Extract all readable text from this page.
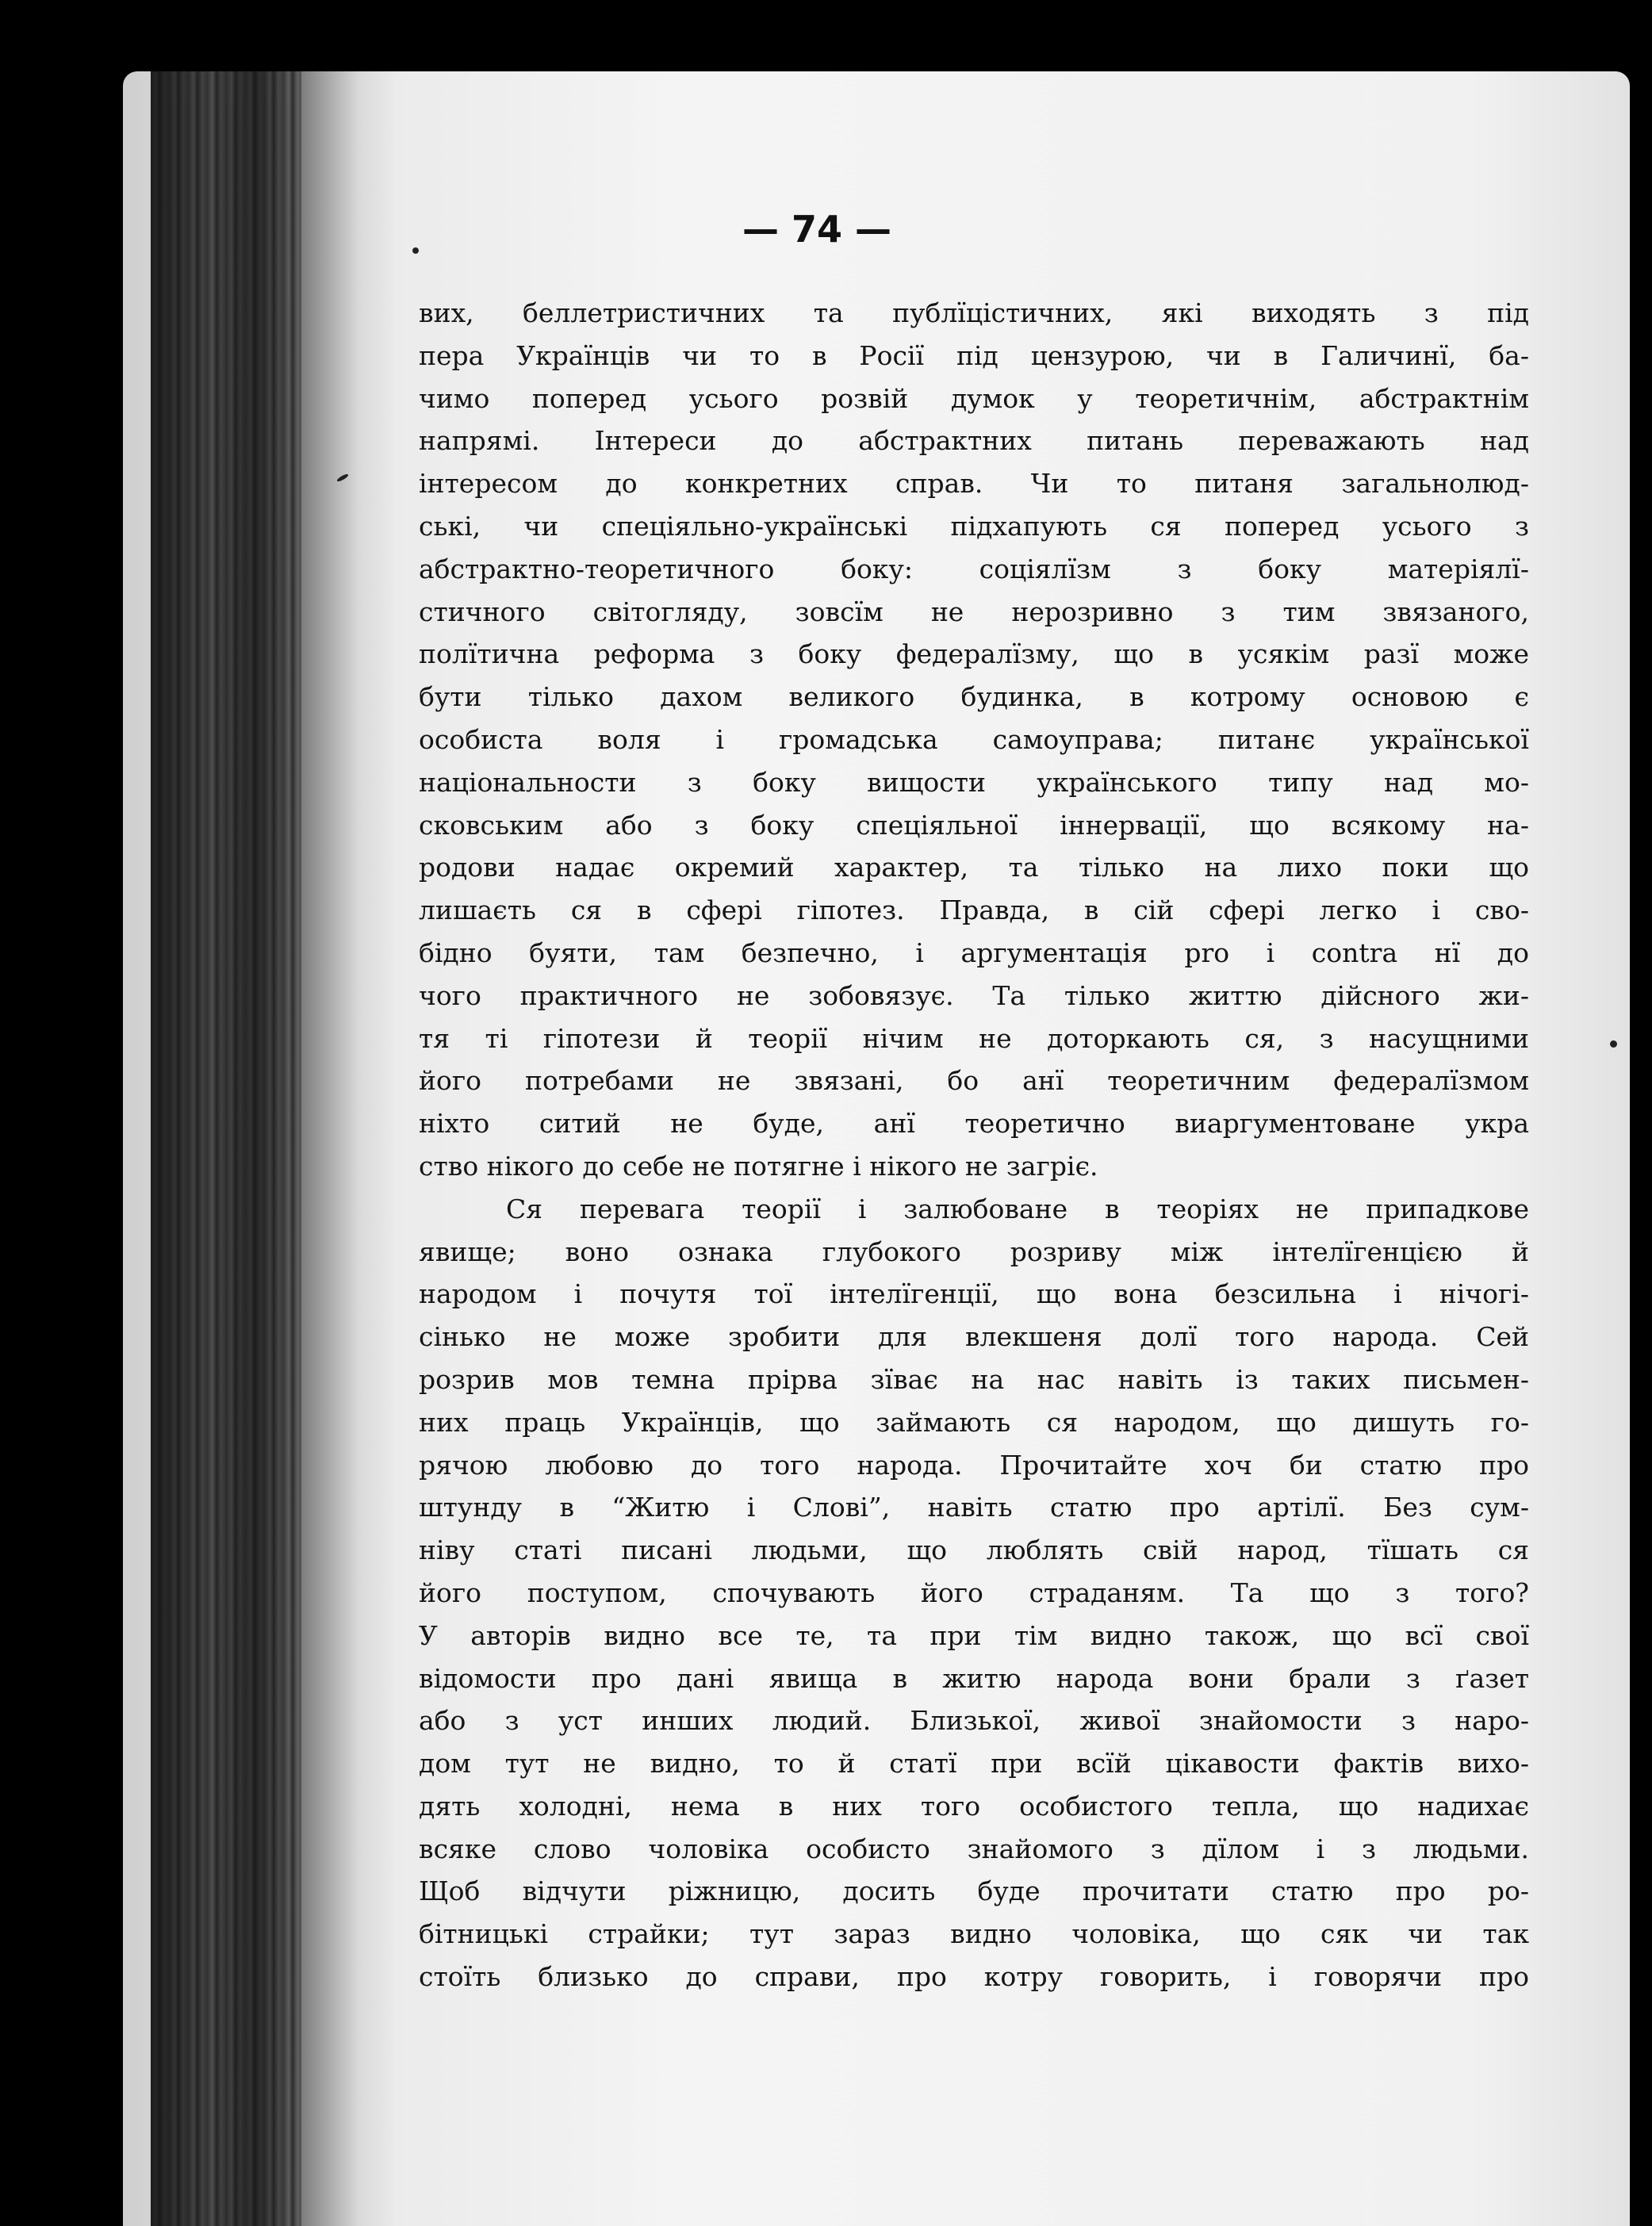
— 74 —
вих, беллетристичних та публїцістичних, які виходять з під
пера Українців чи то в Росії під цензурою, чи в Галичинї, ба-
чимо поперед усього розвій думок у теоретичнім, абстрактнім
напрямі. Інтереси до абстрактних питань переважають над
інтересом до конкретних справ. Чи то питаня загальнолюд-
ські, чи спеціяльно-українські підхапують ся поперед усього з
абстрактно-теоретичного боку: соціялїзм з боку матеріялї-
стичного світогляду, зовсїм не нерозривно з тим звязаного,
полїтична реформа з боку федералїзму, що в усякім разї може
бути тілько дахом великого будинка, в котрому основою є
особиста воля і громадська самоуправа; питанє української
національности з боку вищости українського типу над мо-
сковським або з боку спеціяльної іннервації, що всякому на-
родови надає окремий характер, та тілько на лихо поки що
лишаєть ся в сфері гіпотез. Правда, в сій сфері легко і сво-
бідно буяти, там безпечно, і аргументація pro і contra нї до
чого практичного не зобовязує. Та тілько життю дійсного жи-
тя ті гіпотези й теорії нічим не доторкають ся, з насущними
його потребами не звязані, бо анї теоретичним федералїзмом
ніхто ситий не буде, анї теоретично виаргументоване укра
ство нікого до себе не потягне і нікого не загріє.
Ся перевага теорії і залюбоване в теоріях не припадкове
явище; воно ознака глубокого розриву між інтелїгенцією й
народом і почутя тої інтелїгенції, що вона безсильна і нічогі-
сінько не може зробити для влекшеня долї того народа. Сей
розрив мов темна прірва зїває на нас навіть із таких письмен-
них праць Українців, що займають ся народом, що дишуть го-
рячою любовю до того народа. Прочитайте хоч би статю про
штунду в “Житю і Слові”, навіть статю про артілї. Без сум-
ніву статі писані людьми, що люблять свій народ, тїшать ся
його поступом, спочувають його страданям. Та що з того?
У авторів видно все те, та при тім видно також, що всї свої
відомости про дані явища в житю народа вони брали з ґазет
або з уст инших людий. Близької, живої знайомости з наро-
дом тут не видно, то й статї при всїй цікавости фактів вихо-
дять холодні, нема в них того особистого тепла, що надихає
всяке слово чоловіка особисто знайомого з дїлом і з людьми.
Щоб відчути ріжницю, досить буде прочитати статю про ро-
бітницькі страйки; тут зараз видно чоловіка, що сяк чи так
стоїть близько до справи, про котру говорить, і говорячи про
